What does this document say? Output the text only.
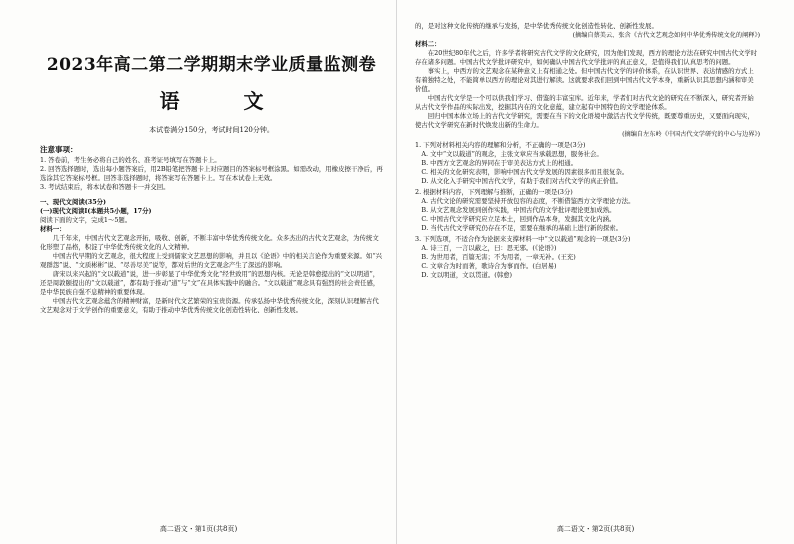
2023年高二第二学期期末学业质量监测卷
语　文

本试卷满分150分，考试时间120分钟。

注意事项：

1. 答卷前，考生务必将自己的姓名、准考证号填写在答题卡上。

2. 回答选择题时，选出每小题答案后，用2B铅笔把答题卡上对应题目的答案标号框涂黑。如需改动，用橡皮擦干净后，再选涂其它答案标号框。回答非选择题时，将答案写在答题卡上。写在本试卷上无效。

3. 考试结束后，将本试卷和答题卡一并交回。

一、现代文阅读(35分)

(一)现代文阅读Ⅰ(本题共5小题，17分)

阅读下面的文字，完成1～5题。

材料一：

几千年来，中国古代文艺观念开拓，吸收、创新，不断丰富中华优秀传统文化。众多杰出的古代文艺观念，为传统文化形塑了品格，积淀了中华优秀传统文化的人文精神。

中国古代早期的文艺观念，很大程度上受到儒家文艺思想的影响，并且以《论语》中的相关言论作为重要来源。如“兴观群怨”说、“文质彬彬”说、“尽善尽美”说等，都对后世的文艺观念产生了深远的影响。

唐宋以来兴起的“文以载道”说，进一步彰显了中华优秀文化“经世致用”的思想内核。无论是韩愈提出的“文以明道”，还是周敦颐提出的“文以载道”，都有助于推动“道”与“文”在具体实践中的融合。“文以载道”观念具有强烈的社会责任感，是中华民族自强不息精神的重要体现。

中国古代文艺观念蕴含的精神财富，是新时代文艺繁荣的宝贵资源。传承弘扬中华优秀传统文化，深刻认识理解古代文艺观念对于文学创作的重要意义，有助于推动中华优秀传统文化创造性转化、创新性发展。

高二语文・第1页(共8页)

的，是对这种文化传统的继承与发扬，是中华优秀传统文化创造性转化、创新性发展。

(摘编自蔡美云、张含《古代文艺观念如何中华优秀传统文化的阐释》)

材料二：

在20世纪80年代之后，许多学者将研究古代文学的文化研究，因为他们发现，西方的理论方法在研究中国古代文学时存在诸多问题。中国古代文学批评研究中，如何确认中国古代文学批评的真正意义，是值得我们认真思考的问题。

事实上，中西方的文艺观念在某种意义上有相通之处。但中国古代文学的评价体系，在认识世界、表达情感的方式上有着独特之处，不能简单以西方的理论对其进行解读。这就要求我们回到中国古代文学本身，重新认识其思想内涵和审美价值。

中国古代文学是一个可以供我们学习、借鉴的丰富宝库。近年来，学者们对古代文论的研究在不断深入，研究者开始从古代文学作品的实际出发，挖掘其内在的文化意蕴，建立起有中国特色的文学理论体系。

回归中国本体立场上的古代文学研究，需要在当下的文化语境中激活古代文学传统，既要尊重历史，又要面向现实，使古代文学研究在新时代焕发出新的生命力。

(摘编自左东岭《中国古代文学研究的中心与边界》)

1. 下列对材料相关内容的理解和分析，不正确的一项是(3分)

A. 文中“文以载道”的观念，主张文章应当承载思想，服务社会。

B. 中西方文艺观念的异同在于审美表达方式上的相通。

C. 相关的文化研究表明，影响中国古代文学发展的因素很多而且很复杂。

D. 从文化入手研究中国古代文学，有助于我们对古代文学的真正价值。

2. 根据材料内容，下列理解与推断，正确的一项是(3分)

A. 古代文论的研究需要坚持开放包容的态度，不断借鉴西方文学理论方法。

B. 从文艺观念发展到创作实践，中国古代的文学批评理论更加成熟。

C. 中国古代文学研究应立足本土，回到作品本身，发掘其文化内涵。

D. 当代古代文学研究仍存在不足，需要在继承的基础上进行新的探索。

3. 下列选项，不适合作为论据来支撑材料一中“文以载道”观念的一项是(3分)

A. 诗三百，一言以蔽之，曰：思无邪。(《论语》)

B. 为世用者，百篇无害；不为用者，一章无补。(王充)

C. 文章合为时而著，歌诗合为事而作。(白居易)

D. 文以明道，文以贯道。(韩愈)

高二语文・第2页(共8页)
